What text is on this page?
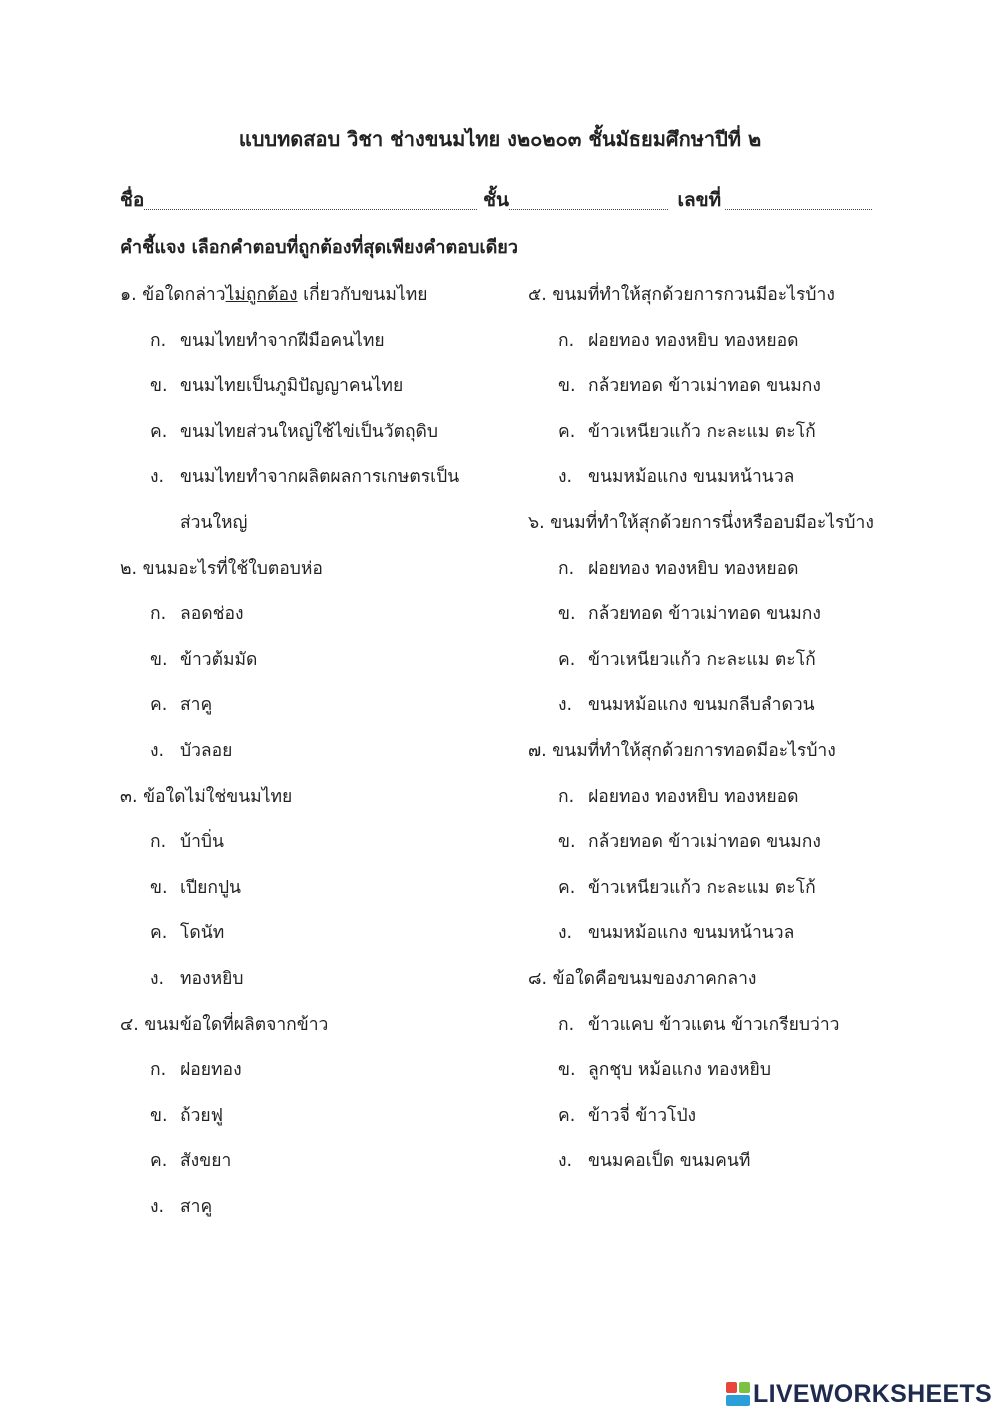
แบบทดสอบ วิชา ช่างขนมไทย ง๒๐๒๐๓ ชั้นมัธยมศึกษาปีที่ ๒
ชื่อ	ชั้น	เลขที่
คำชี้แจง เลือกคำตอบที่ถูกต้องที่สุดเพียงคำตอบเดียว
๑. ข้อใดกล่าวไม่ถูกต้อง เกี่ยวกับขนมไทย
ก. ขนมไทยทำจากฝีมือคนไทย
ข. ขนมไทยเป็นภูมิปัญญาคนไทย
ค. ขนมไทยส่วนใหญ่ใช้ไข่เป็นวัตถุดิบ
ง. ขนมไทยทำจากผลิตผลการเกษตรเป็น
ส่วนใหญ่
๒. ขนมอะไรที่ใช้ใบตอบห่อ
ก. ลอดช่อง
ข. ข้าวต้มมัด
ค. สาคู
ง. บัวลอย
๓. ข้อใดไม่ใช่ขนมไทย
ก. บ้าบิ่น
ข. เปียกปูน
ค. โดนัท
ง. ทองหยิบ
๔. ขนมข้อใดที่ผลิตจากข้าว
ก. ฝอยทอง
ข. ถ้วยฟู
ค. สังขยา
ง. สาคู
๕. ขนมที่ทำให้สุกด้วยการกวนมีอะไรบ้าง
ก. ฝอยทอง ทองหยิบ ทองหยอด
ข. กล้วยทอด ข้าวเม่าทอด ขนมกง
ค. ข้าวเหนียวแก้ว กะละแม ตะโก้
ง. ขนมหม้อแกง ขนมหน้านวล
๖. ขนมที่ทำให้สุกด้วยการนึ่งหรืออบมีอะไรบ้าง
ก. ฝอยทอง ทองหยิบ ทองหยอด
ข. กล้วยทอด ข้าวเม่าทอด ขนมกง
ค. ข้าวเหนียวแก้ว กะละแม ตะโก้
ง. ขนมหม้อแกง ขนมกลีบลำดวน
๗. ขนมที่ทำให้สุกด้วยการทอดมีอะไรบ้าง
ก. ฝอยทอง ทองหยิบ ทองหยอด
ข. กล้วยทอด ข้าวเม่าทอด ขนมกง
ค. ข้าวเหนียวแก้ว กะละแม ตะโก้
ง. ขนมหม้อแกง ขนมหน้านวล
๘. ข้อใดคือขนมของภาคกลาง
ก. ข้าวแคบ ข้าวแตน ข้าวเกรียบว่าว
ข. ลูกชุบ หม้อแกง ทองหยิบ
ค. ข้าวจี่ ข้าวโป่ง
ง. ขนมคอเป็ด ขนมคนที
LIVEWORKSHEETS
